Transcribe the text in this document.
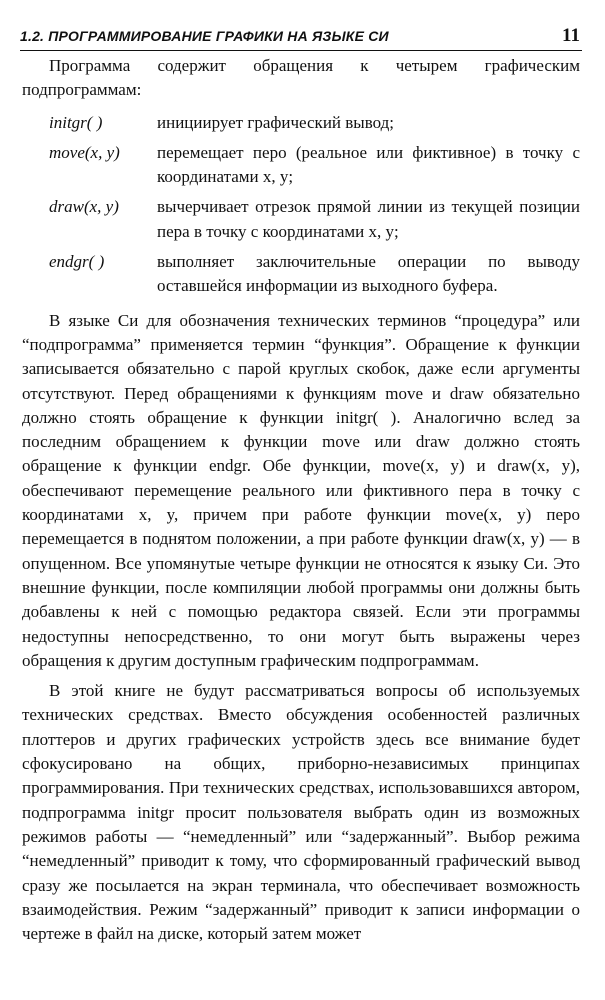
1.2. ПРОГРАММИРОВАНИЕ ГРАФИКИ НА ЯЗЫКЕ СИ	11

Программа содержит обращения к четырем графическим подпрограммам:

initgr( )	инициирует графический вывод;
move(x, y)	перемещает перо (реальное или фиктивное) в точку с координатами x, y;
draw(x, y)	вычерчивает отрезок прямой линии из текущей позиции пера в точку с координатами x, y;
endgr( )	выполняет заключительные операции по выводу оставшейся информации из выходного буфера.

В языке Си для обозначения технических терминов “процедура” или “подпрограмма” применяется термин “функция”. Обращение к функции записывается обязательно с парой круглых скобок, даже если аргументы отсутствуют. Перед обращениями к функциям move и draw обязательно должно стоять обращение к функции initgr( ). Аналогично вслед за последним обращением к функции move или draw должно стоять обращение к функции endgr. Обе функции, move(x, y) и draw(x, y), обеспечивают перемещение реального или фиктивного пера в точку с координатами x, y, причем при работе функции move(x, y) перо перемещается в поднятом положении, а при работе функции draw(x, y) — в опущенном. Все упомянутые четыре функции не относятся к языку Си. Это внешние функции, после компиляции любой программы они должны быть добавлены к ней с помощью редактора связей. Если эти программы недоступны непосредственно, то они могут быть выражены через обращения к другим доступным графическим подпрограммам.

В этой книге не будут рассматриваться вопросы об используемых технических средствах. Вместо обсуждения особенностей различных плоттеров и других графических устройств здесь все внимание будет сфокусировано на общих, приборно-независимых принципах программирования. При технических средствах, использовавшихся автором, подпрограмма initgr просит пользователя выбрать один из возможных режимов работы — “немедленный” или “задержанный”. Выбор режима “немедленный” приводит к тому, что сформированный графический вывод сразу же посылается на экран терминала, что обеспечивает возможность взаимодействия. Режим “задержанный” приводит к записи информации о чертеже в файл на диске, который затем может
